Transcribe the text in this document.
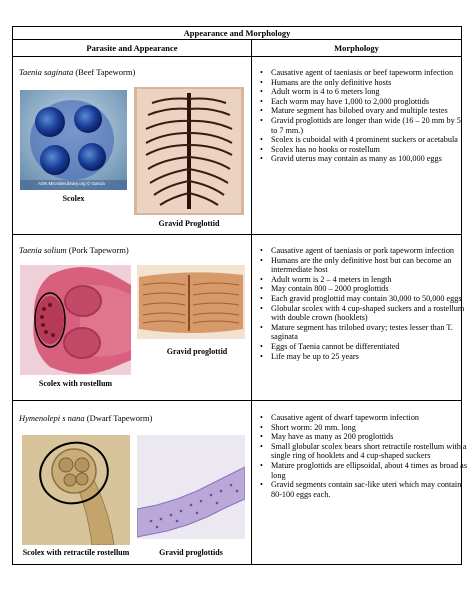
Appearance and Morphology
Parasite and Appearance	Morphology
Taenia saginata (Beef Tapeworm)
ASN MicrobeLibrary.org © Garcia
Scolex
Gravid Proglottid
• Causative agent of taeniasis or beef tapeworm infection
• Humans are the only definitive hosts
• Adult worm is 4 to 6 meters long
• Each worm may have 1,000 to 2,000 proglottids
• Mature segment has bilobed ovary and multiple testes
• Gravid proglottids are longer than wide (16 – 20 mm by 5 to 7 mm.)
• Scolex is cuboidal with 4 prominent suckers or acetabula
• Scolex has no hooks or rostellum
• Gravid uterus may contain as many as 100,000 eggs
Taenia solium (Pork Tapeworm)
Scolex with rostellum
Gravid proglottid
• Causative agent of taeniasis or pork tapeworm infection
• Humans are the only definitive host but can become an intermediate host
• Adult worm is 2 – 4 meters in length
• May contain 800 – 2000 proglottids
• Each gravid proglottid may contain 30,000 to 50,000 eggs
• Globular scolex with 4 cup-shaped suckers and a rostellum with double crown (hooklets)
• Mature segment has trilobed ovary; testes lesser than T. saginata
• Eggs of Taenia cannot be differentiated
• Life may be up to 25 years
Hymenolepi s nana (Dwarf Tapeworm)
Scolex with retractile rostellum	Gravid proglottids
• Causative agent of dwarf tapeworm infection
• Short worm: 20 mm. long
• May have as many as 200 proglottids
• Small globular scolex bears short retractile rostellum with a single ring of hooklets and 4 cup-shaped suckers
• Mature proglottids are ellipsoidal, about 4 times as broad as long
• Gravid segments contain sac-like uteri which may contain 80-100 eggs each.
